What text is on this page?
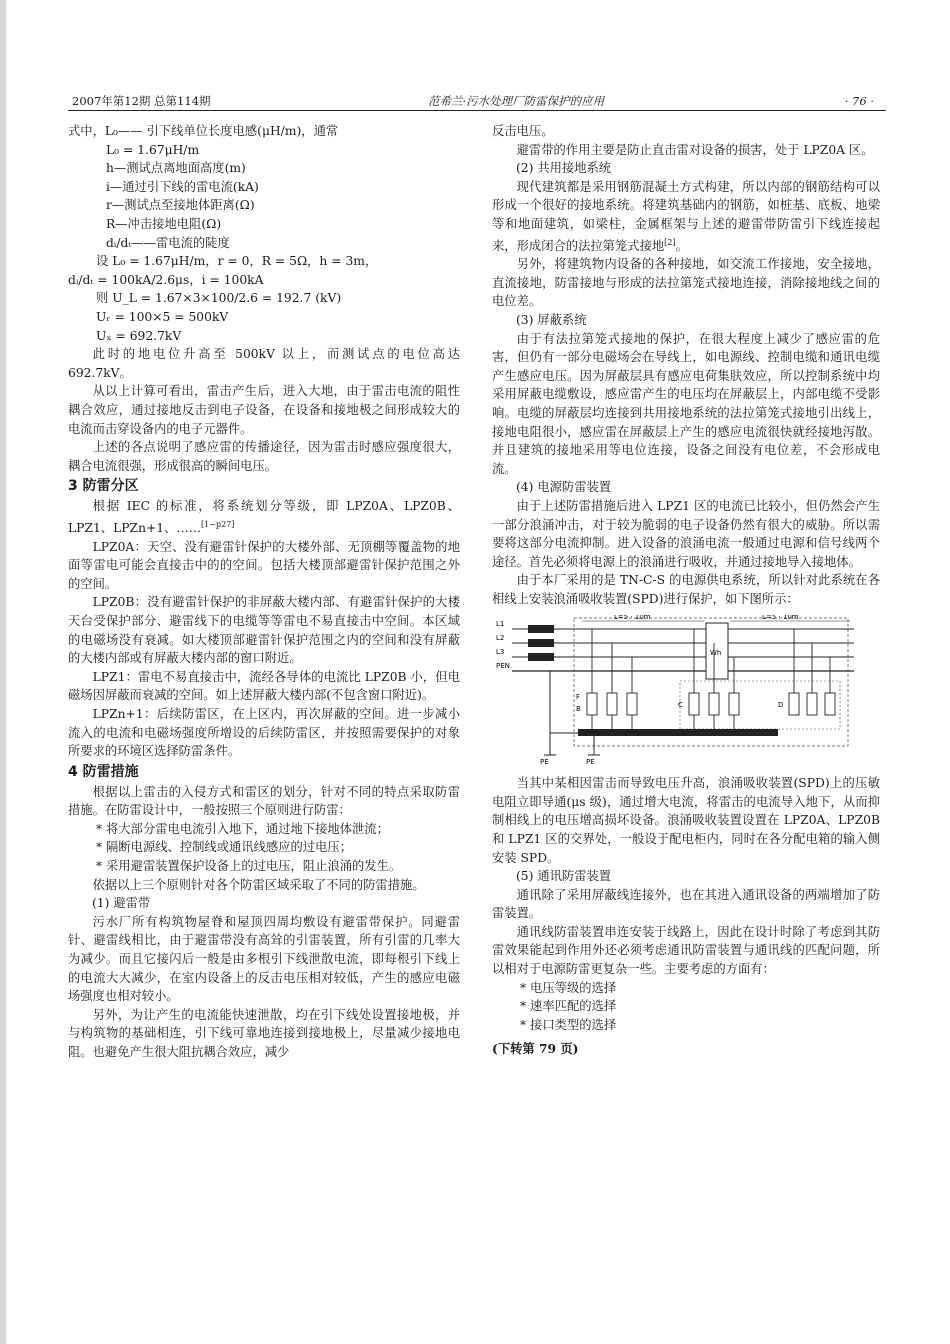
2007年第12期 总第114期	范希兰·污水处理厂防雷保护的应用	· 76 ·

式中，L₀—— 引下线单位长度电感(μH/m)，通常

L₀ = 1.67μH/m

h—测试点离地面高度(m)

i—通过引下线的雷电流(kA)

r—测试点至接地体距离(Ω)

R—冲击接地电阻(Ω)

dᵢ/dₜ——雷电流的陡度

设 L₀ = 1.67μH/m，r = 0，R = 5Ω，h = 3m，

dᵢ/dₜ = 100kA/2.6μs，i = 100kA

则 U_L = 1.67×3×100/2.6 = 192.7 (kV)

Uᵣ = 100×5 = 500kV

Uₓ = 692.7kV

此时的地电位升高至 500kV 以上，而测试点的电位高达 692.7kV。

从以上计算可看出，雷击产生后，进入大地，由于雷击电流的阻性耦合效应，通过接地反击到电子设备，在设备和接地极之间形成较大的电流而击穿设备内的电子元器件。

上述的各点说明了感应雷的传播途径，因为雷击时感应强度很大，耦合电流很强，形成很高的瞬间电压。

3 防雷分区

根据 IEC 的标准，将系统划分等级，即 LPZ0A、LPZ0B、LPZ1、LPZn+1、……[1~p27]

LPZ0A：天空、没有避雷针保护的大楼外部、无顶棚等覆盖物的地面等雷电可能会直接击中的的空间。包括大楼顶部避雷针保护范围之外的空间。

LPZ0B：没有避雷针保护的非屏蔽大楼内部、有避雷针保护的大楼天台受保护部分、避雷线下的电缆等等雷电不易直接击中空间。本区域的电磁场没有衰减。如大楼顶部避雷针保护范围之内的空间和没有屏蔽的大楼内部或有屏蔽大楼内部的窗口附近。

LPZ1：雷电不易直接击中，流经各导体的电流比 LPZ0B 小，但电磁场因屏蔽而衰减的空间。如上述屏蔽大楼内部(不包含窗口附近)。

LPZn+1：后续防雷区，在上区内，再次屏蔽的空间。进一步减小流入的电流和电磁场强度所增设的后续防雷区，并按照需要保护的对象所要求的环境区选择防雷条件。

4 防雷措施

根据以上雷击的入侵方式和雷区的划分，针对不同的特点采取防雷措施。在防雷设计中，一般按照三个原则进行防雷：

* 将大部分雷电电流引入地下，通过地下接地体泄流；

* 隔断电源线、控制线或通讯线感应的过电压；

* 采用避雷装置保护设备上的过电压，阻止浪涌的发生。

依据以上三个原则针对各个防雷区域采取了不同的防雷措施。

(1) 避雷带

污水厂所有构筑物屋脊和屋顶四周均敷设有避雷带保护。同避雷针、避雷线相比，由于避雷带没有高耸的引雷装置，所有引雷的几率大为减少。而且它接闪后一般是由多根引下线泄散电流，即每根引下线上的电流大大减少，在室内设备上的反击电压相对较低，产生的感应电磁场强度也相对较小。

另外，为让产生的电流能快速泄散，均在引下线处设置接地极，并与构筑物的基础相连，引下线可靠地连接到接地极上，尽量减少接地电阻。也避免产生很大阻抗耦合效应，减少

反击电压。

避雷带的作用主要是防止直击雷对设备的损害，处于 LPZ0A 区。

(2) 共用接地系统

现代建筑都是采用钢筋混凝土方式构建，所以内部的钢筋结构可以形成一个很好的接地系统。将建筑基础内的钢筋，如桩基、底板、地梁等和地面建筑，如梁柱，金属框架与上述的避雷带防雷引下线连接起来，形成闭合的法拉第笼式接地[2]。

另外，将建筑物内设备的各种接地，如交流工作接地，安全接地，直流接地，防雷接地与形成的法拉第笼式接地连接，消除接地线之间的电位差。

(3) 屏蔽系统

由于有法拉第笼式接地的保护，在很大程度上减少了感应雷的危害，但仍有一部分电磁场会在导线上，如电源线、控制电缆和通讯电缆产生感应电压。因为屏蔽层具有感应电荷集肤效应，所以控制系统中均采用屏蔽电缆敷设，感应雷产生的电压均在屏蔽层上，内部电缆不受影响。电缆的屏蔽层均连接到共用接地系统的法拉第笼式接地引出线上，接地电阻很小，感应雷在屏蔽层上产生的感应电流很快就经接地泻散。并且建筑的接地采用等电位连接，设备之间没有电位差，不会形成电流。

(4) 电源防雷装置

由于上述防雷措施后进入 LPZ1 区的电流已比较小，但仍然会产生一部分浪涌冲击，对于较为脆弱的电子设备仍然有很大的威胁。所以需要将这部分电流抑制。进入设备的浪涌电流一般通过电源和信号线两个途径。首先必须将电源上的浪涌进行吸收，并通过接地导入接地体。

由于本厂采用的是 TN-C-S 的电源供电系统，所以针对此系统在各相线上安装浪涌吸收装置(SPD)进行保护，如下图所示：

L1
L2
L3
PEN
L=5 · 10m	L=5 · 10m
Wh
PE	PE
F
B	C	D

当其中某相因雷击而导致电压升高，浪涌吸收装置(SPD)上的压敏电阻立即导通(μs 级)，通过增大电流，将雷击的电流导入地下，从而抑制相线上的电压增高损坏设备。浪涌吸收装置设置在 LPZ0A、LPZ0B 和 LPZ1 区的交界处，一般设于配电柜内，同时在各分配电箱的输入侧安装 SPD。

(5) 通讯防雷装置

通讯除了采用屏蔽线连接外，也在其进入通讯设备的两端增加了防雷装置。

通讯线防雷装置串连安装于线路上，因此在设计时除了考虑到其防雷效果能起到作用外还必须考虑通讯防雷装置与通讯线的匹配问题，所以相对于电源防雷更复杂一些。主要考虑的方面有：

* 电压等级的选择

* 速率匹配的选择

* 接口类型的选择

(下转第 79 页)
